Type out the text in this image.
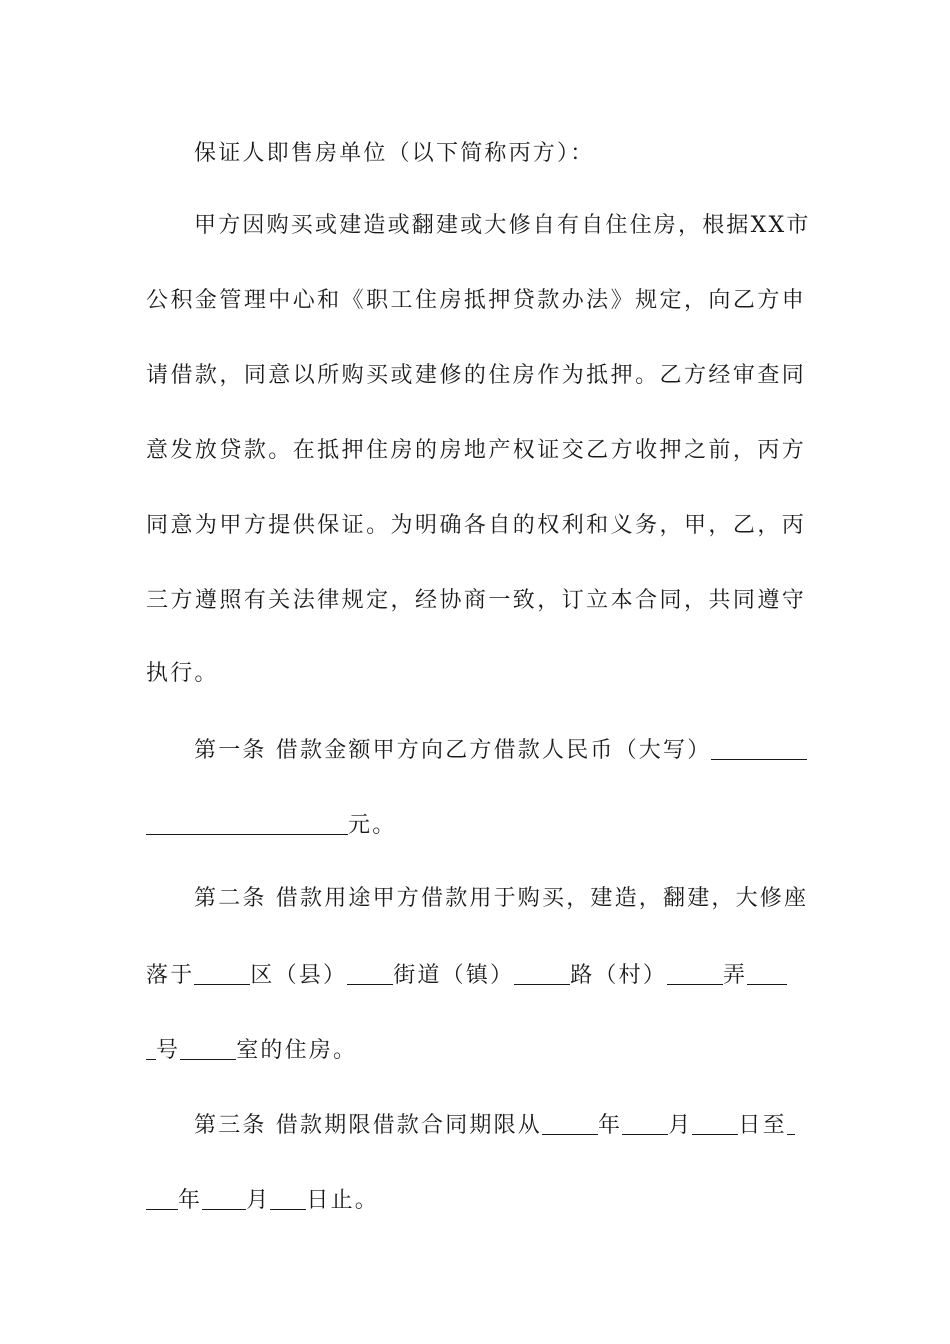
保证人即售房单位（以下简称丙方）：
甲方因购买或建造或翻建或大修自有自住住房，根据XX市
公积金管理中心和《职工住房抵押贷款办法》规定，向乙方申
请借款，同意以所购买或建修的住房作为抵押。乙方经审查同
意发放贷款。在抵押住房的房地产权证交乙方收押之前，丙方
同意为甲方提供保证。为明确各自的权利和义务，甲，乙，丙
三方遵照有关法律规定，经协商一致，订立本合同，共同遵守
执行。
第一条 借款金额甲方向乙方借款人民币（大写）
元。
第二条 借款用途甲方借款用于购买，建造，翻建，大修座
落于	区（县） 街道（镇）	路（村）	弄
号	室的住房。
第三条 借款期限借款合同期限从	年 月 日至
年 月 日止。
